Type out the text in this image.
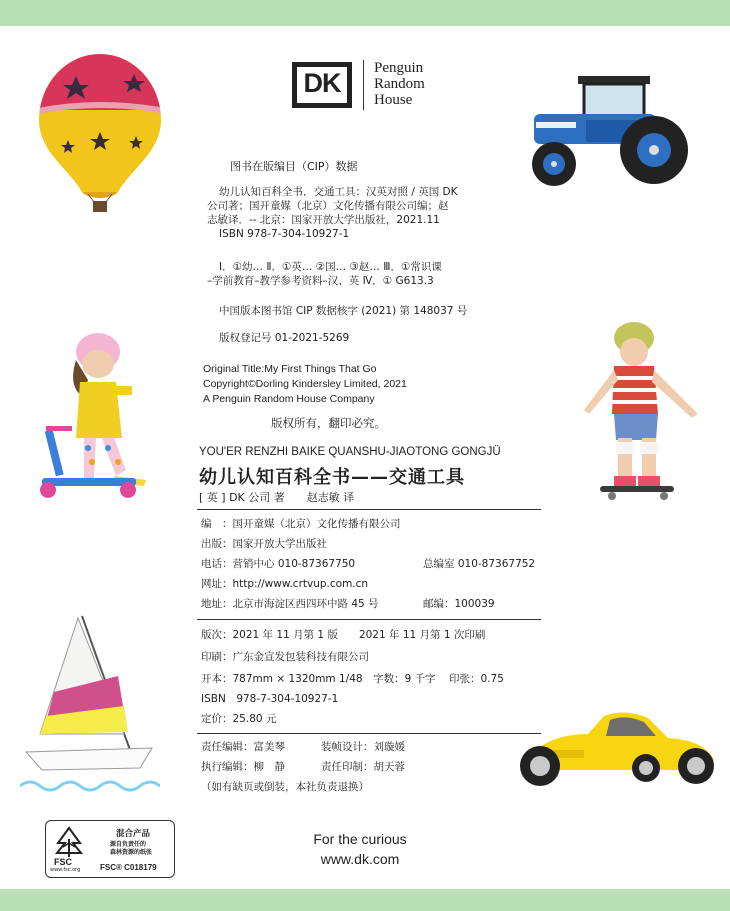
DK	Penguin
Random
House
图书在版编目（CIP）数据
幼儿认知百科全书．交通工具：汉英对照 / 英国 DK
公司著；国开童媒（北京）文化传播有限公司编；赵
志敏译．-- 北京：国家开放大学出版社，2021.11
ISBN 978-7-304-10927-1
Ⅰ．①幼… Ⅱ．①英… ②国… ③赵… Ⅲ．①常识课
–学前教育–教学参考资料–汉、英 Ⅳ．① G613.3
中国版本图书馆 CIP 数据核字 (2021) 第 148037 号
版权登记号 01-2021-5269
Original Title:My First Things That Go
Copyright©Dorling Kindersley Limited, 2021
A Penguin Random House Company
版权所有，翻印必究。
YOU'ER RENZHI BAIKE QUANSHU-JIAOTONG GONGJÜ
幼儿认知百科全书——交通工具
[ 英 ] DK 公司 著　　赵志敏 译
编　：国开童媒（北京）文化传播有限公司
出版：国家开放大学出版社
电话：营销中心 010-87367750	总编室 010-87367752
网址：http://www.crtvup.com.cn
地址：北京市海淀区西四环中路 45 号	邮编：100039
版次：2021 年 11 月第 1 版　　2021 年 11 月第 1 次印刷
印刷：广东金宣发包装科技有限公司
开本：787mm × 1320mm 1/48　字数：9 千字 印张：0.75
ISBN　978-7-304-10927-1
定价：25.80 元
责任编辑：富美琴	装帧设计：刘璇媛
执行编辑：柳　静	责任印制：胡天蓉
（如有缺页或倒装，本社负责退换）
FSC
www.fsc.org
混合产品
源自负责任的
森林资源的纸张
FSC® C018179
For the curious
www.dk.com
